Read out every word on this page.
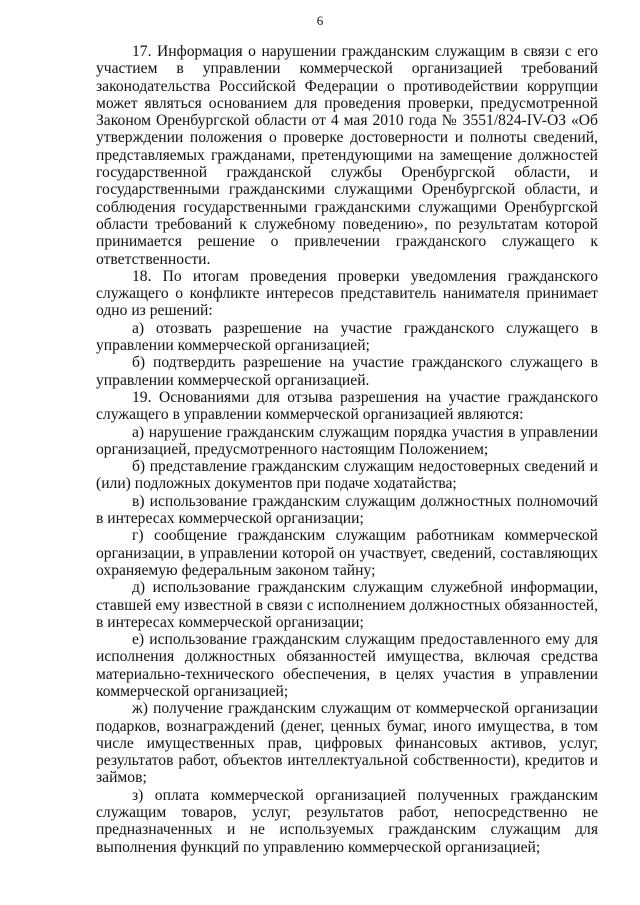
6

17. Информация о нарушении гражданским служащим в связи с его участием в управлении коммерческой организацией требований законодательства Российской Федерации о противодействии коррупции может являться основанием для проведения проверки, предусмотренной Законом Оренбургской области от 4 мая 2010 года № 3551/824-IV-ОЗ «Об утверждении положения о проверке достоверности и полноты сведений, представляемых гражданами, претендующими на замещение должностей государственной гражданской службы Оренбургской области, и государственными гражданскими служащими Оренбургской области, и соблюдения государственными гражданскими служащими Оренбургской области требований к служебному поведению», по результатам которой принимается решение о привлечении гражданского служащего к ответственности.

18. По итогам проведения проверки уведомления гражданского служащего о конфликте интересов представитель нанимателя принимает одно из решений:

а) отозвать разрешение на участие гражданского служащего в управлении коммерческой организацией;

б) подтвердить разрешение на участие гражданского служащего в управлении коммерческой организацией.

19. Основаниями для отзыва разрешения на участие гражданского служащего в управлении коммерческой организацией являются:

а) нарушение гражданским служащим порядка участия в управлении организацией, предусмотренного настоящим Положением;

б) представление гражданским служащим недостоверных сведений и (или) подложных документов при подаче ходатайства;

в) использование гражданским служащим должностных полномочий в интересах коммерческой организации;

г) сообщение гражданским служащим работникам коммерческой организации, в управлении которой он участвует, сведений, составляющих охраняемую федеральным законом тайну;

д) использование гражданским служащим служебной информации, ставшей ему известной в связи с исполнением должностных обязанностей, в интересах коммерческой организации;

е) использование гражданским служащим предоставленного ему для исполнения должностных обязанностей имущества, включая средства материально-технического обеспечения, в целях участия в управлении коммерческой организацией;

ж) получение гражданским служащим от коммерческой организации подарков, вознаграждений (денег, ценных бумаг, иного имущества, в том числе имущественных прав, цифровых финансовых активов, услуг, результатов работ, объектов интеллектуальной собственности), кредитов и займов;

з) оплата коммерческой организацией полученных гражданским служащим товаров, услуг, результатов работ, непосредственно не предназначенных и не используемых гражданским служащим для выполнения функций по управлению коммерческой организацией;
